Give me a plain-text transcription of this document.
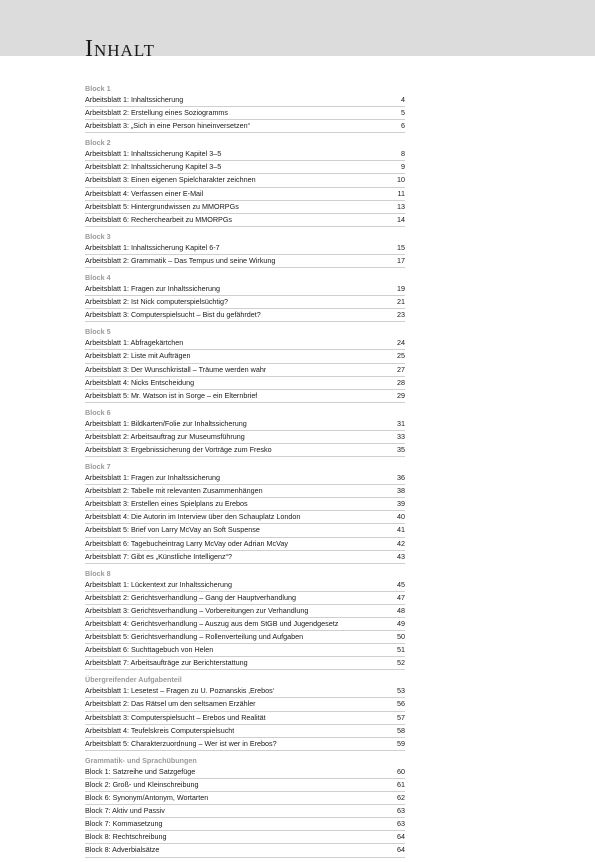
Inhalt
Block 1
Arbeitsblatt 1: Inhaltssicherung	4
Arbeitsblatt 2: Erstellung eines Soziogramms	5
Arbeitsblatt 3: „Sich in eine Person hineinversetzen“	6
Block 2
Arbeitsblatt 1: Inhaltssicherung Kapitel 3–5	8
Arbeitsblatt 2: Inhaltssicherung Kapitel 3–5	9
Arbeitsblatt 3: Einen eigenen Spielcharakter zeichnen	10
Arbeitsblatt 4: Verfassen einer E-Mail	11
Arbeitsblatt 5: Hintergrundwissen zu MMORPGs	13
Arbeitsblatt 6: Recherchearbeit zu MMORPGs	14
Block 3
Arbeitsblatt 1: Inhaltssicherung Kapitel 6-7	15
Arbeitsblatt 2: Grammatik – Das Tempus und seine Wirkung	17
Block 4
Arbeitsblatt 1: Fragen zur Inhaltssicherung	19
Arbeitsblatt 2: Ist Nick computerspielsüchtig?	21
Arbeitsblatt 3: Computerspielsucht – Bist du gefährdet?	23
Block 5
Arbeitsblatt 1: Abfragekärtchen	24
Arbeitsblatt 2: Liste mit Aufträgen	25
Arbeitsblatt 3: Der Wunschkristall – Träume werden wahr	27
Arbeitsblatt 4: Nicks Entscheidung	28
Arbeitsblatt 5: Mr. Watson ist in Sorge – ein Elternbrief	29
Block 6
Arbeitsblatt 1: Bildkarten/Folie zur Inhaltssicherung	31
Arbeitsblatt 2: Arbeitsauftrag zur Museumsführung	33
Arbeitsblatt 3: Ergebnissicherung der Vorträge zum Fresko	35
Block 7
Arbeitsblatt 1: Fragen zur Inhaltssicherung	36
Arbeitsblatt 2: Tabelle mit relevanten Zusammenhängen	38
Arbeitsblatt 3: Erstellen eines Spielplans zu Erebos	39
Arbeitsblatt 4: Die Autorin im Interview über den Schauplatz London	40
Arbeitsblatt 5: Brief von Larry McVay an Soft Suspense	41
Arbeitsblatt 6: Tagebucheintrag Larry McVay oder Adrian McVay	42
Arbeitsblatt 7: Gibt es „Künstliche Intelligenz“?	43
Block 8
Arbeitsblatt 1: Lückentext zur Inhaltssicherung	45
Arbeitsblatt 2: Gerichtsverhandlung – Gang der Hauptverhandlung	47
Arbeitsblatt 3: Gerichtsverhandlung – Vorbereitungen zur Verhandlung	48
Arbeitsblatt 4: Gerichtsverhandlung – Auszug aus dem StGB und Jugendgesetz	49
Arbeitsblatt 5: Gerichtsverhandlung – Rollenverteilung und Aufgaben	50
Arbeitsblatt 6: Suchttagebuch von Helen	51
Arbeitsblatt 7: Arbeitsaufträge zur Berichterstattung	52
Übergreifender Aufgabenteil
Arbeitsblatt 1: Lesetest – Fragen zu U. Poznanskis ‚Erebos‘	53
Arbeitsblatt 2: Das Rätsel um den seltsamen Erzähler	56
Arbeitsblatt 3: Computerspielsucht – Erebos und Realität	57
Arbeitsblatt 4: Teufelskreis Computerspielsucht	58
Arbeitsblatt 5: Charakterzuordnung – Wer ist wer in Erebos?	59
Grammatik- und Sprachübungen
Block 1: Satzreihe und Satzgefüge	60
Block 2: Groß- und Kleinschreibung	61
Block 6: Synonym/Antonym, Wortarten	62
Block 7: Aktiv und Passiv	63
Block 7: Kommasetzung	63
Block 8: Rechtschreibung	64
Block 8: Adverbialsätze	64
